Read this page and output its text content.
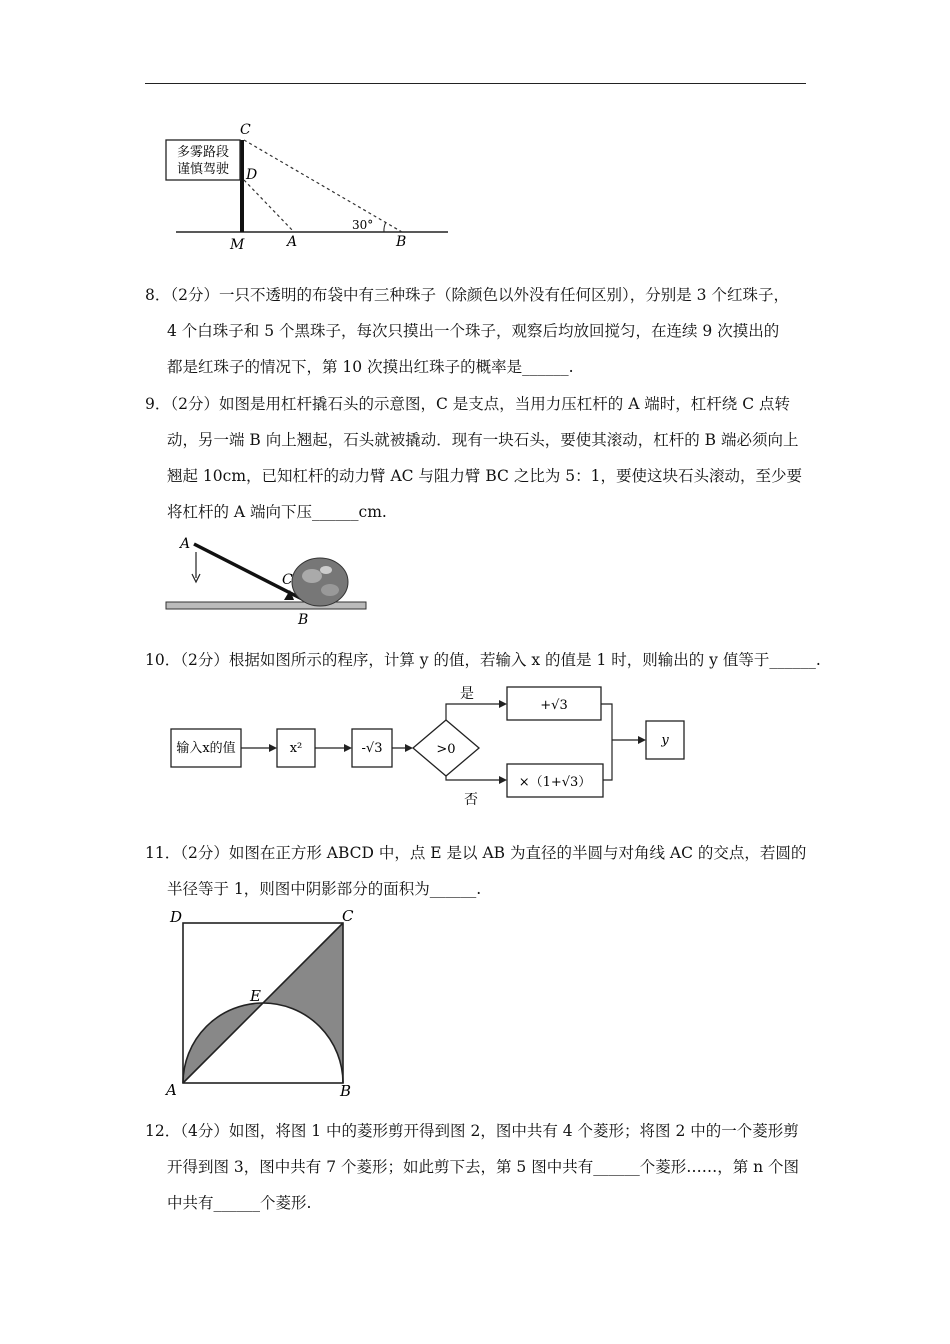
多雾路段
谨慎驾驶
30°
C
D
M	A	B
8．（2分）一只不透明的布袋中有三种珠子（除颜色以外没有任何区别），分别是 3 个红珠子，
4 个白珠子和 5 个黑珠子，每次只摸出一个珠子，观察后均放回搅匀，在连续 9 次摸出的
都是红珠子的情况下，第 10 次摸出红珠子的概率是______.
9．（2分）如图是用杠杆撬石头的示意图，C 是支点，当用力压杠杆的 A 端时，杠杆绕 C 点转
动，另一端 B 向上翘起，石头就被撬动．现有一块石头，要使其滚动，杠杆的 B 端必须向上
翘起 10cm，已知杠杆的动力臂 AC 与阻力臂 BC 之比为 5：1，要使这块石头滚动，至少要
将杠杆的 A 端向下压______cm.
A
C
B
10．（2分）根据如图所示的程序，计算 y 的值，若输入 x 的值是 1 时，则输出的 y 值等于______.
输入x的值	x²	-√3	>0
是
否
+√3
×（1+√3）
y
11．（2分）如图在正方形 ABCD 中，点 E 是以 AB 为直径的半圆与对角线 AC 的交点，若圆的
半径等于 1，则图中阴影部分的面积为______.
D	C
E
A	B
12．（4分）如图，将图 1 中的菱形剪开得到图 2，图中共有 4 个菱形；将图 2 中的一个菱形剪
开得到图 3，图中共有 7 个菱形；如此剪下去，第 5 图中共有______个菱形……，第 n 个图
中共有______个菱形.
